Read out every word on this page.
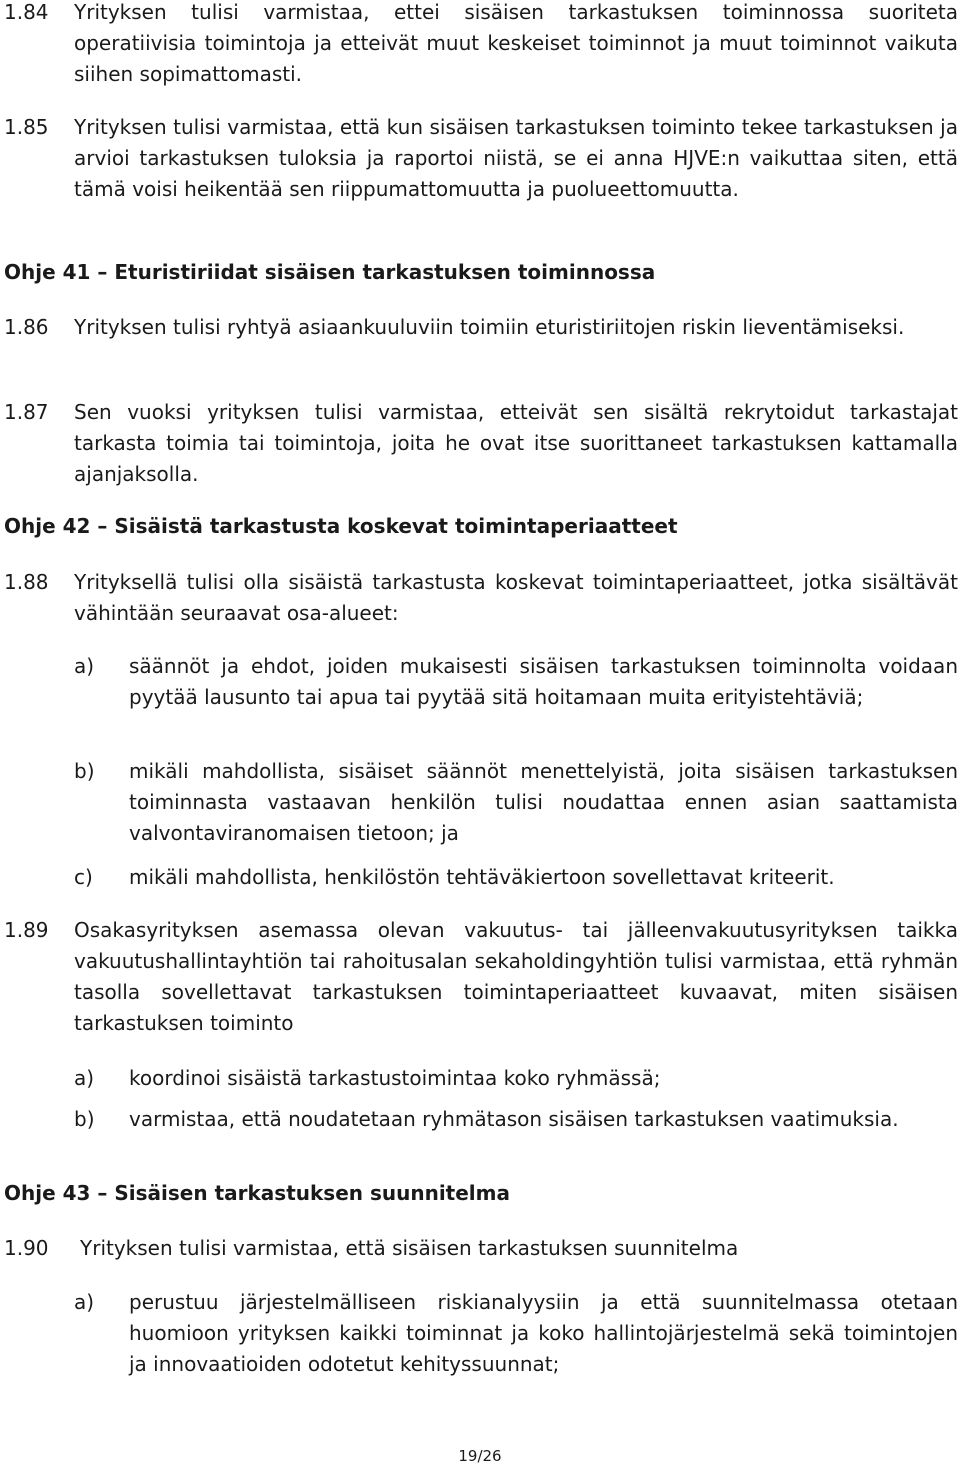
1.84	Yrityksen tulisi varmistaa, ettei sisäisen tarkastuksen toiminnossa suoriteta operatiivisia toimintoja ja etteivät muut keskeiset toiminnot ja muut toiminnot vaikuta siihen sopimattomasti.
1.85	Yrityksen tulisi varmistaa, että kun sisäisen tarkastuksen toiminto tekee tarkastuksen ja arvioi tarkastuksen tuloksia ja raportoi niistä, se ei anna HJVE:n vaikuttaa siten, että tämä voisi heikentää sen riippumattomuutta ja puolueettomuutta.
Ohje 41 – Eturistiriidat sisäisen tarkastuksen toiminnossa
1.86	Yrityksen tulisi ryhtyä asiaankuuluviin toimiin eturistiriitojen riskin lieventämiseksi.
1.87	Sen vuoksi yrityksen tulisi varmistaa, etteivät sen sisältä rekrytoidut tarkastajat tarkasta toimia tai toimintoja, joita he ovat itse suorittaneet tarkastuksen kattamalla ajanjaksolla.
Ohje 42 – Sisäistä tarkastusta koskevat toimintaperiaatteet
1.88	Yrityksellä tulisi olla sisäistä tarkastusta koskevat toimintaperiaatteet, jotka sisältävät vähintään seuraavat osa-alueet:
a)	säännöt ja ehdot, joiden mukaisesti sisäisen tarkastuksen toiminnolta voidaan pyytää lausunto tai apua tai pyytää sitä hoitamaan muita erityistehtäviä;
b)	mikäli mahdollista, sisäiset säännöt menettelyistä, joita sisäisen tarkastuksen toiminnasta vastaavan henkilön tulisi noudattaa ennen asian saattamista valvontaviranomaisen tietoon; ja
c)	mikäli mahdollista, henkilöstön tehtäväkiertoon sovellettavat kriteerit.
1.89	Osakasyrityksen asemassa olevan vakuutus- tai jälleenvakuutusyrityksen taikka vakuutushallintayhtiön tai rahoitusalan sekaholdingyhtiön tulisi varmistaa, että ryhmän tasolla sovellettavat tarkastuksen toimintaperiaatteet kuvaavat, miten sisäisen tarkastuksen toiminto
a)	koordinoi sisäistä tarkastustoimintaa koko ryhmässä;
b)	varmistaa, että noudatetaan ryhmätason sisäisen tarkastuksen vaatimuksia.
Ohje 43 – Sisäisen tarkastuksen suunnitelma
1.90	Yrityksen tulisi varmistaa, että sisäisen tarkastuksen suunnitelma
a)	perustuu järjestelmälliseen riskianalyysiin ja että suunnitelmassa otetaan huomioon yrityksen kaikki toiminnat ja koko hallintojärjestelmä sekä toimintojen ja innovaatioiden odotetut kehityssuunnat;
19/26
